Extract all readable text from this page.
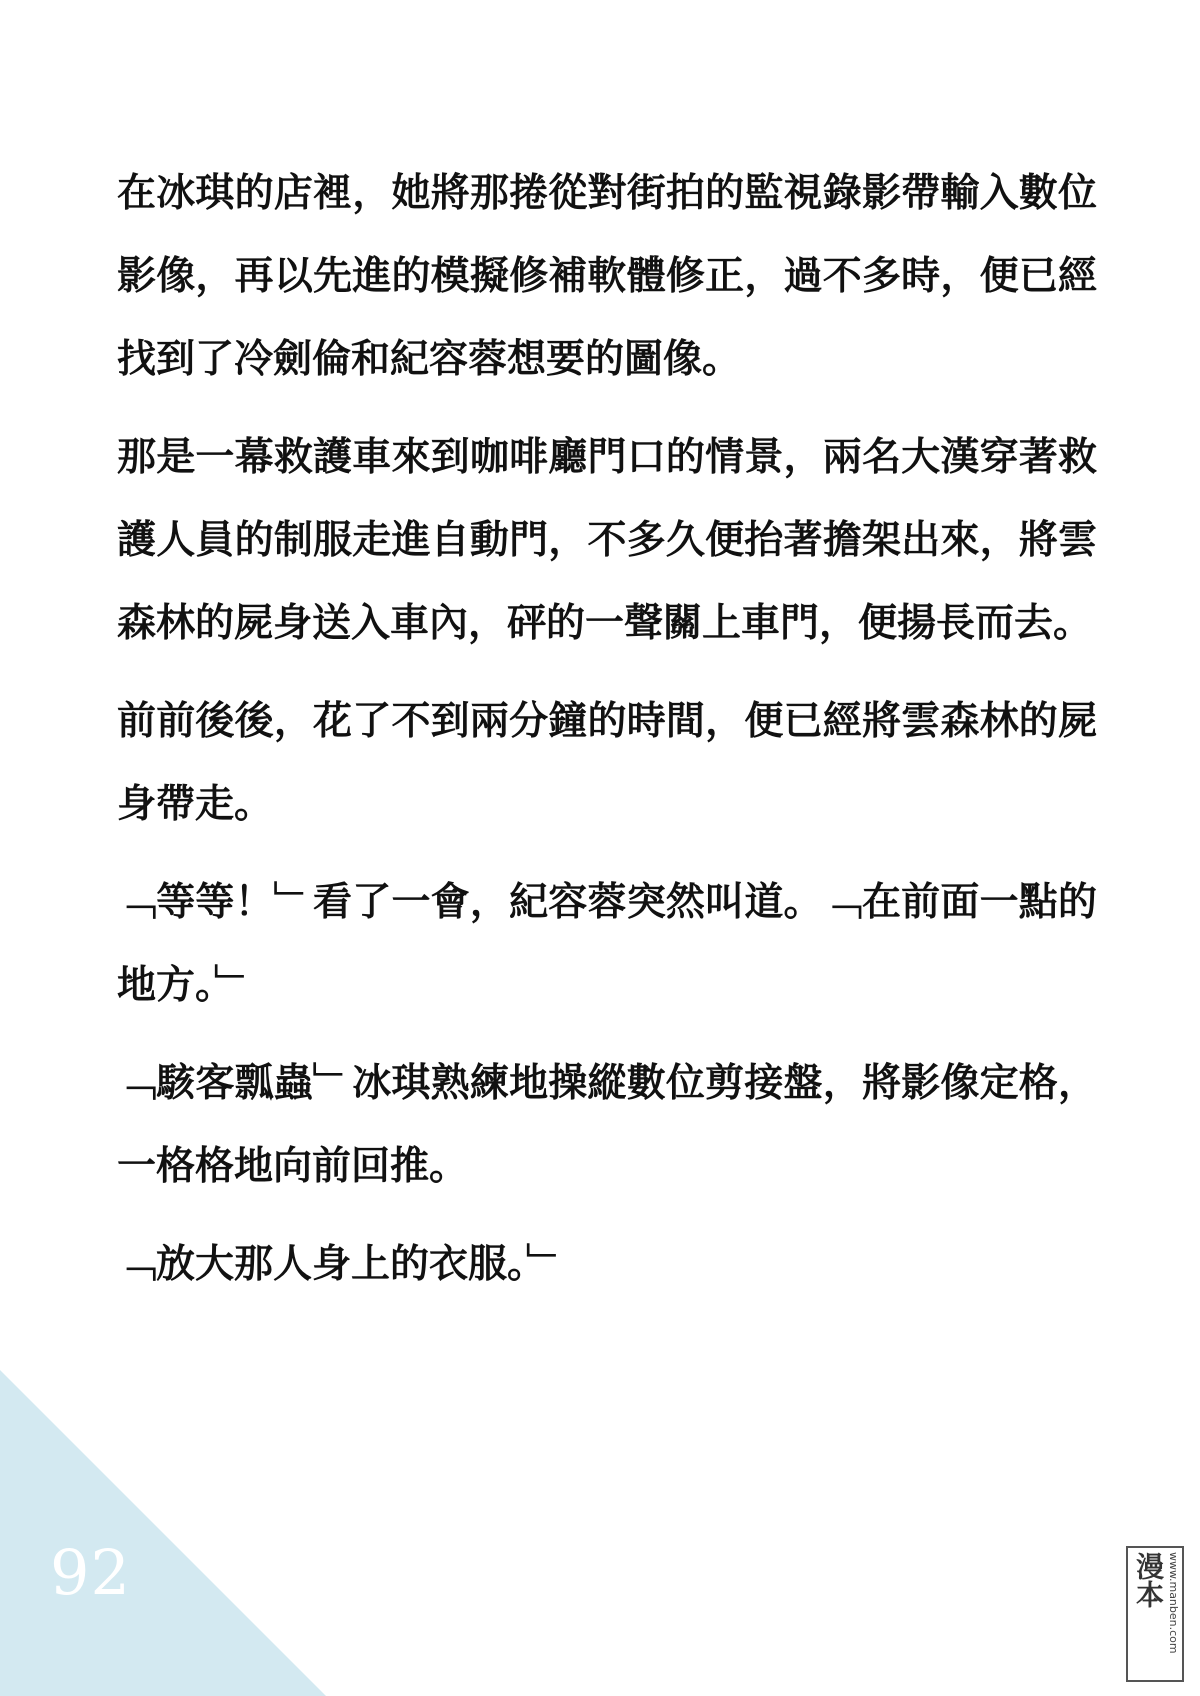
在冰琪的店裡，她將那捲從對街拍的監視錄影帶輸入數位影像，再以先進的模擬修補軟體修正，過不多時，便已經找到了冷劍倫和紀容蓉想要的圖像。

那是一幕救護車來到咖啡廳門口的情景，兩名大漢穿著救護人員的制服走進自動門，不多久便抬著擔架出來，將雲森林的屍身送入車內，砰的一聲關上車門，便揚長而去。

前前後後，花了不到兩分鐘的時間，便已經將雲森林的屍身帶走。

﹁等等！﹂看了一會，紀容蓉突然叫道。﹁在前面一點的地方。﹂

﹁駭客瓢蟲﹂冰琪熟練地操縱數位剪接盤，將影像定格，一格格地向前回推。

﹁放大那人身上的衣服。﹂

92	漫本 www.manben.com
